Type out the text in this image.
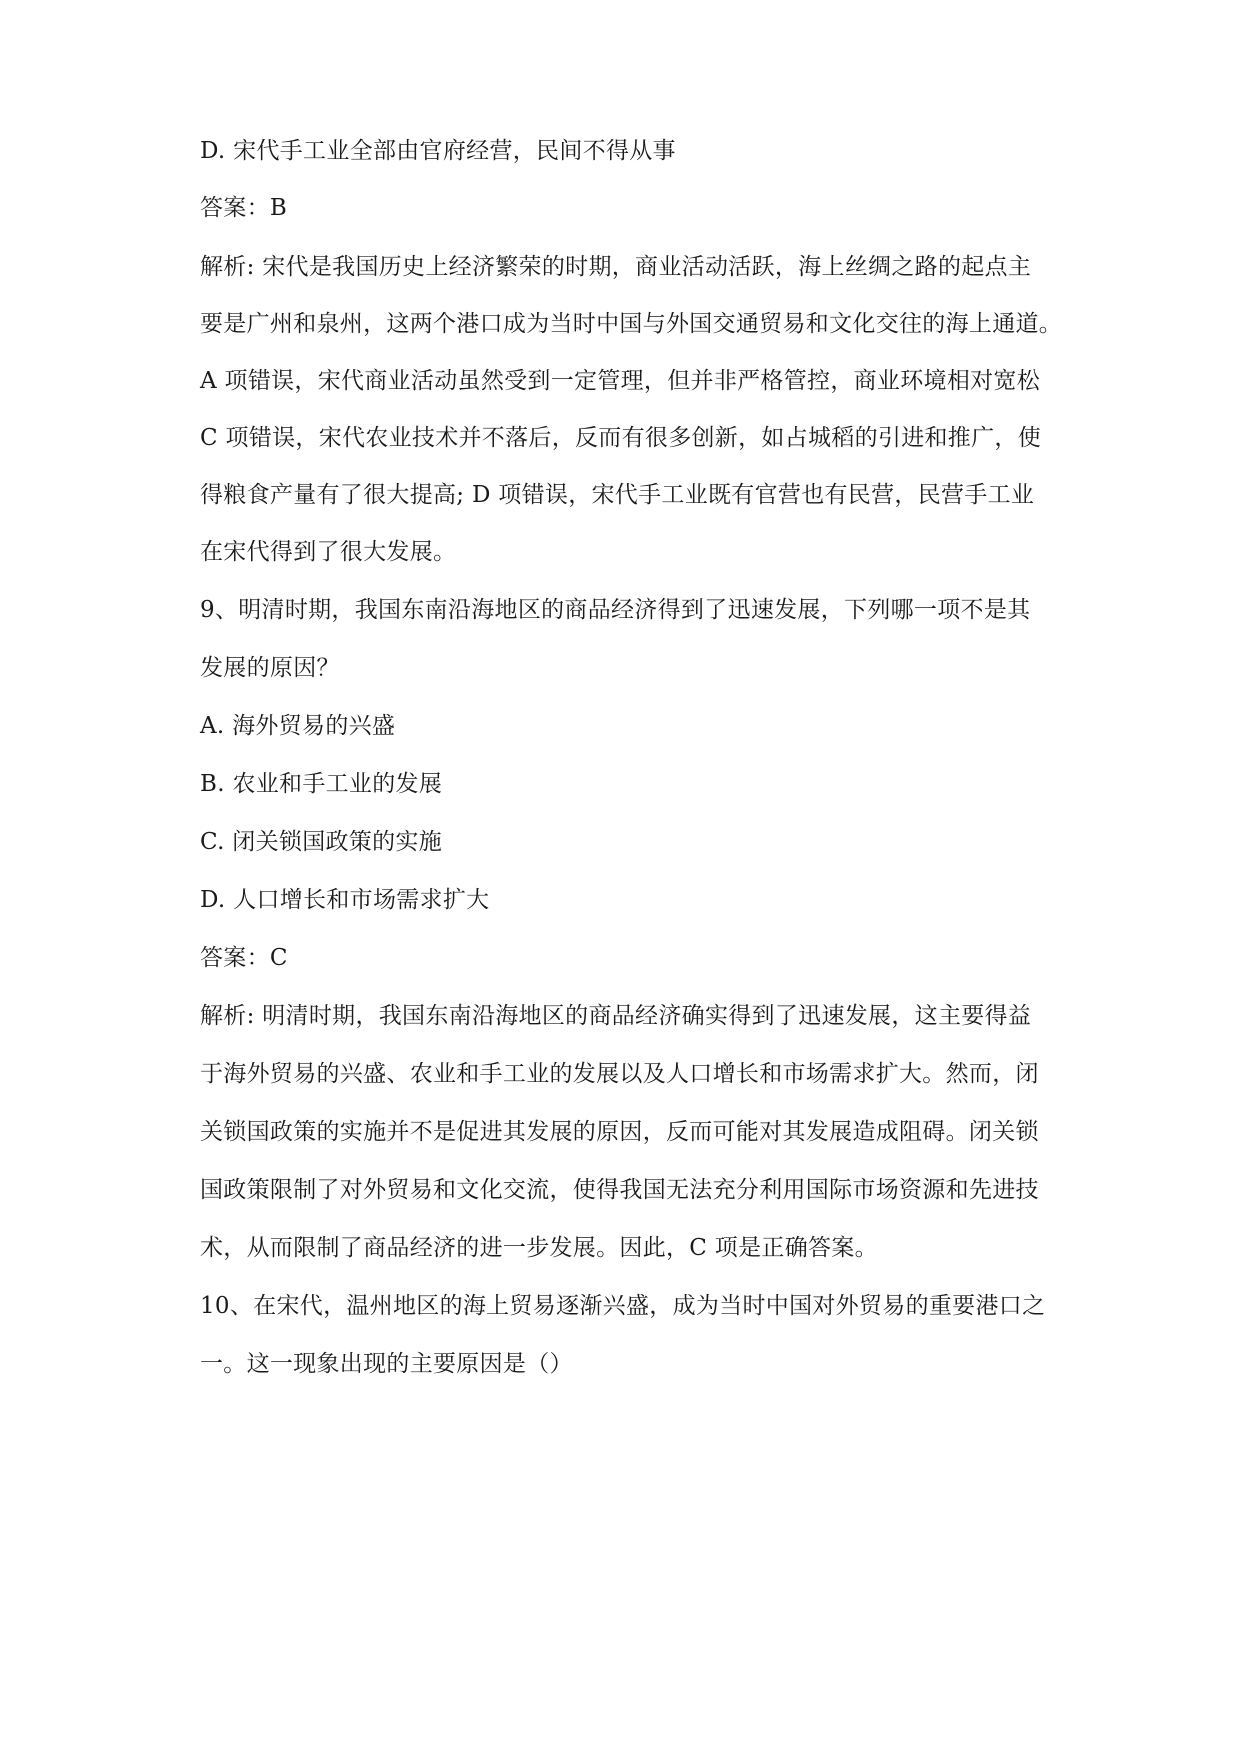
D. 宋代手工业全部由官府经营，民间不得从事
答案：B
解析: 宋代是我国历史上经济繁荣的时期，商业活动活跃，海上丝绸之路的起点主
要是广州和泉州，这两个港口成为当时中国与外国交通贸易和文化交往的海上通道。
A 项错误，宋代商业活动虽然受到一定管理，但并非严格管控，商业环境相对宽松
C 项错误，宋代农业技术并不落后，反而有很多创新，如占城稻的引进和推广，使
得粮食产量有了很大提高; D 项错误，宋代手工业既有官营也有民营，民营手工业
在宋代得到了很大发展。
9、明清时期，我国东南沿海地区的商品经济得到了迅速发展，下列哪一项不是其
发展的原因？
A. 海外贸易的兴盛
B. 农业和手工业的发展
C. 闭关锁国政策的实施
D. 人口增长和市场需求扩大
答案：C
解析: 明清时期，我国东南沿海地区的商品经济确实得到了迅速发展，这主要得益
于海外贸易的兴盛、农业和手工业的发展以及人口增长和市场需求扩大。然而，闭
关锁国政策的实施并不是促进其发展的原因，反而可能对其发展造成阻碍。闭关锁
国政策限制了对外贸易和文化交流，使得我国无法充分利用国际市场资源和先进技
术，从而限制了商品经济的进一步发展。因此，C 项是正确答案。
10、在宋代，温州地区的海上贸易逐渐兴盛，成为当时中国对外贸易的重要港口之
一。这一现象出现的主要原因是（）
